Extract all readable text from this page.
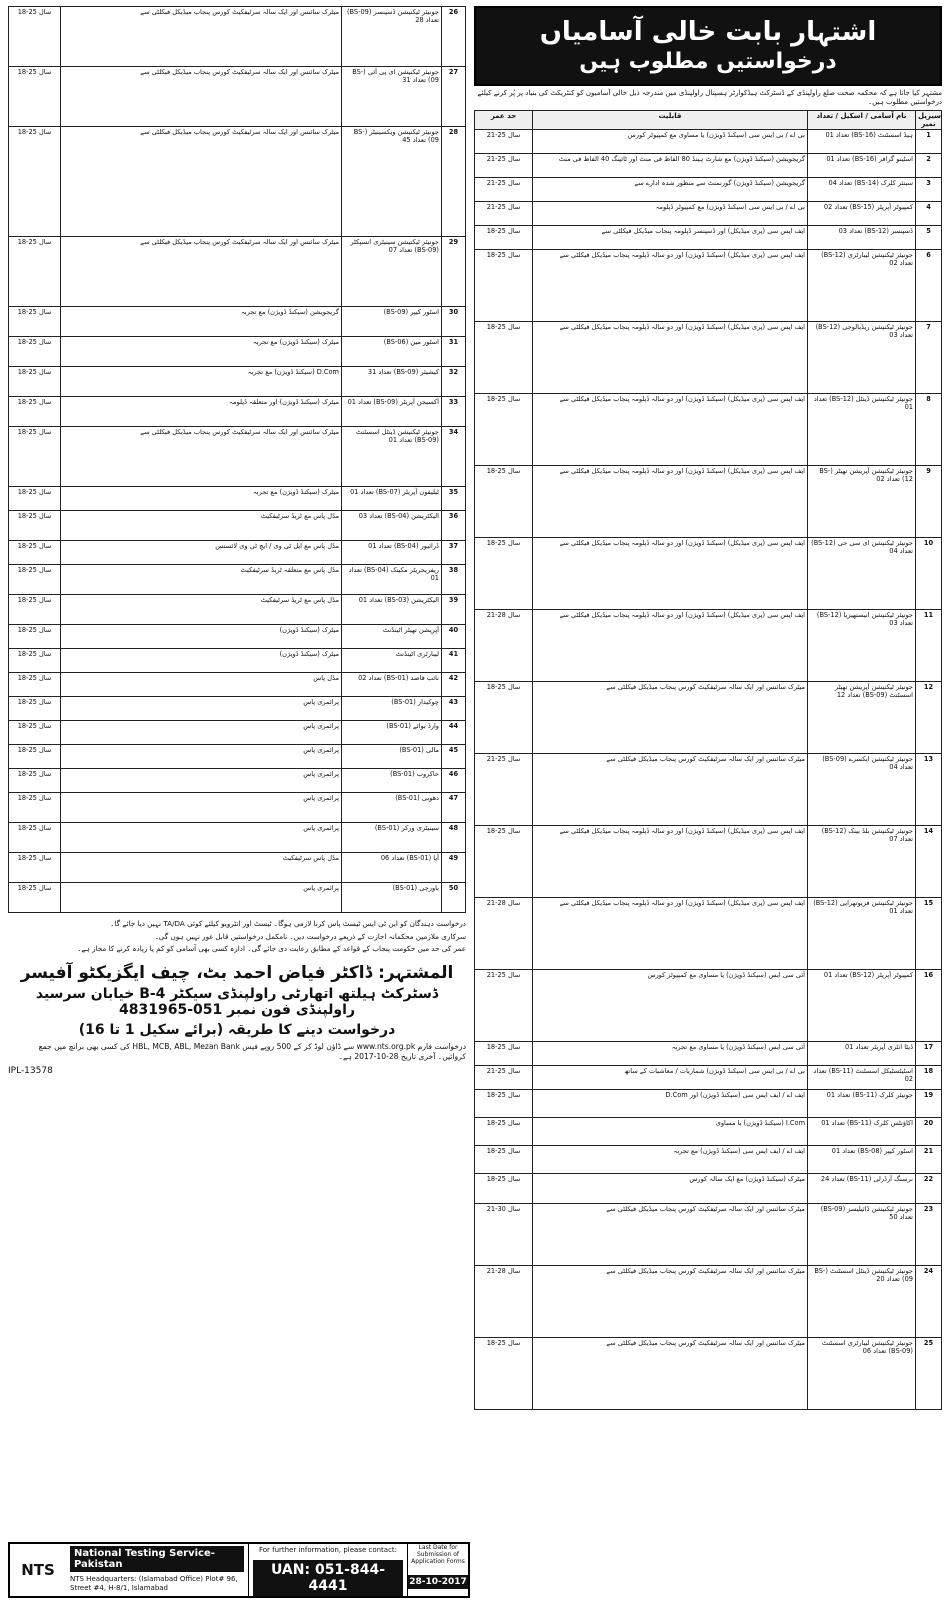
اشتہار بابت خالی آسامیاں
درخواستیں مطلوب ہیں
مشتہر کیا جاتا ہے کہ محکمہ صحت ضلع راولپنڈی کے ڈسٹرکٹ ہیڈکوارٹر ہسپتال راولپنڈی میں مندرجہ ذیل خالی آسامیوں کو کنٹریکٹ کی بنیاد پر پُر کرنے کیلئے درخواستیں مطلوب ہیں۔
حد عمر	قابلیت	نام آسامی / اسکیل / تعداد	سیریل نمبر
21-25 سال	بی اے / بی ایس سی (سیکنڈ ڈویژن) یا مساوی مع کمپیوٹر کورس	ہیڈ اسسٹنٹ (BS-16) تعداد 01	1
21-25 سال	گریجویشن (سیکنڈ ڈویژن) مع شارٹ ہینڈ 80 الفاظ فی منٹ اور ٹائپنگ 40 الفاظ فی منٹ	اسٹینو گرافر (BS-16) تعداد 01	2
21-25 سال	گریجویشن (سیکنڈ ڈویژن) گورنمنٹ سے منظور شدہ ادارے سے	سینئر کلرک (BS-14) تعداد 04	3
21-25 سال	بی اے / بی ایس سی (سیکنڈ ڈویژن) مع کمپیوٹر ڈپلومہ	کمپیوٹر آپریٹر (BS-15) تعداد 02	4
18-25 سال	ایف ایس سی (پری میڈیکل) اور ڈسپنسر ڈپلومہ پنجاب میڈیکل فیکلٹی سے	ڈسپنسر (BS-12) تعداد 03	5
18-25 سال	ایف ایس سی (پری میڈیکل) (سیکنڈ ڈویژن) اور دو سالہ ڈپلومہ پنجاب میڈیکل فیکلٹی سے	جونیئر ٹیکنیشن لیبارٹری (BS-12) تعداد 02	6
18-25 سال	ایف ایس سی (پری میڈیکل) (سیکنڈ ڈویژن) اور دو سالہ ڈپلومہ پنجاب میڈیکل فیکلٹی سے	جونیئر ٹیکنیشن ریڈیالوجی (BS-12) تعداد 03	7
18-25 سال	ایف ایس سی (پری میڈیکل) (سیکنڈ ڈویژن) اور دو سالہ ڈپلومہ پنجاب میڈیکل فیکلٹی سے	جونیئر ٹیکنیشن ڈینٹل (BS-12) تعداد 01	8
18-25 سال	ایف ایس سی (پری میڈیکل) (سیکنڈ ڈویژن) اور دو سالہ ڈپلومہ پنجاب میڈیکل فیکلٹی سے	جونیئر ٹیکنیشن آپریشن تھیٹر (BS-12) تعداد 02	9
18-25 سال	ایف ایس سی (پری میڈیکل) (سیکنڈ ڈویژن) اور دو سالہ ڈپلومہ پنجاب میڈیکل فیکلٹی سے	جونیئر ٹیکنیشن ای سی جی (BS-12) تعداد 04	10
21-28 سال	ایف ایس سی (پری میڈیکل) (سیکنڈ ڈویژن) اور دو سالہ ڈپلومہ پنجاب میڈیکل فیکلٹی سے	جونیئر ٹیکنیشن انیستھیزیا (BS-12) تعداد 03	11
18-25 سال	میٹرک سائنس اور ایک سالہ سرٹیفکیٹ کورس پنجاب میڈیکل فیکلٹی سے	جونیئر ٹیکنیشن آپریشن تھیٹر اسسٹنٹ (BS-09) تعداد 12	12
21-25 سال	میٹرک سائنس اور ایک سالہ سرٹیفکیٹ کورس پنجاب میڈیکل فیکلٹی سے	جونیئر ٹیکنیشن ایکسرے (BS-09) تعداد 04	13
18-25 سال	ایف ایس سی (پری میڈیکل) (سیکنڈ ڈویژن) اور دو سالہ ڈپلومہ پنجاب میڈیکل فیکلٹی سے	جونیئر ٹیکنیشن بلڈ بینک (BS-12) تعداد 07	14
21-28 سال	ایف ایس سی (پری میڈیکل) (سیکنڈ ڈویژن) اور دو سالہ ڈپلومہ پنجاب میڈیکل فیکلٹی سے	جونیئر ٹیکنیشن فزیوتھراپی (BS-12) تعداد 01	15
21-25 سال	آئی سی ایس (سیکنڈ ڈویژن) یا مساوی مع کمپیوٹر کورس	کمپیوٹر آپریٹر (BS-12) تعداد 01	16
18-25 سال	آئی سی ایس (سیکنڈ ڈویژن) یا مساوی مع تجربہ	ڈیٹا انٹری آپریٹر تعداد 01	17
21-25 سال	بی اے / بی ایس سی (سیکنڈ ڈویژن) شماریات / معاشیات کے ساتھ	اسٹیٹسٹیکل اسسٹنٹ (BS-11) تعداد 02	18
18-25 سال	ایف اے / ایف ایس سی (سیکنڈ ڈویژن) اور D.Com	جونیئر کلرک (BS-11) تعداد 01	19
18-25 سال	I.Com (سیکنڈ ڈویژن) یا مساوی	اکاؤنٹس کلرک (BS-11) تعداد 01	20
18-25 سال	ایف اے / ایف ایس سی (سیکنڈ ڈویژن) مع تجربہ	اسٹور کیپر (BS-08) تعداد 01	21
18-25 سال	میٹرک (سیکنڈ ڈویژن) مع ایک سالہ کورس	نرسنگ آرڈرلی (BS-11) تعداد 24	22
21-30 سال	میٹرک سائنس اور ایک سالہ سرٹیفکیٹ کورس پنجاب میڈیکل فیکلٹی سے	جونیئر ٹیکنیشن ڈائیلیسز (BS-09) تعداد 50	23
21-28 سال	میٹرک سائنس اور ایک سالہ سرٹیفکیٹ کورس پنجاب میڈیکل فیکلٹی سے	جونیئر ٹیکنیشن ڈینٹل اسسٹنٹ (BS-09) تعداد 20	24
18-25 سال	میٹرک سائنس اور ایک سالہ سرٹیفکیٹ کورس پنجاب میڈیکل فیکلٹی سے	جونیئر ٹیکنیشن لیبارٹری اسسٹنٹ (BS-09) تعداد 06	25
18-25 سال	میٹرک سائنس اور ایک سالہ سرٹیفکیٹ کورس پنجاب میڈیکل فیکلٹی سے	جونیئر ٹیکنیشن ڈسپنسر (BS-09) تعداد 28	26
18-25 سال	میٹرک سائنس اور ایک سالہ سرٹیفکیٹ کورس پنجاب میڈیکل فیکلٹی سے	جونیئر ٹیکنیشن ای پی آئی (BS-09) تعداد 31	27
18-25 سال	میٹرک سائنس اور ایک سالہ سرٹیفکیٹ کورس پنجاب میڈیکل فیکلٹی سے	جونیئر ٹیکنیشن ویکسینیٹر (BS-09) تعداد 45	28
18-25 سال	میٹرک سائنس اور ایک سالہ سرٹیفکیٹ کورس پنجاب میڈیکل فیکلٹی سے	جونیئر ٹیکنیشن سینیٹری انسپکٹر (BS-09) تعداد 07	29
18-25 سال	گریجویشن (سیکنڈ ڈویژن) مع تجربہ	اسٹور کیپر (BS-09)	30
18-25 سال	میٹرک (سیکنڈ ڈویژن) مع تجربہ	اسٹور مین (BS-06)	31
18-25 سال	D.Com (سیکنڈ ڈویژن) مع تجربہ	کیشیئر (BS-09) تعداد 31	32
18-25 سال	میٹرک (سیکنڈ ڈویژن) اور متعلقہ ڈپلومہ	آکسیجن آپریٹر (BS-09) تعداد 01	33
18-25 سال	میٹرک سائنس اور ایک سالہ سرٹیفکیٹ کورس پنجاب میڈیکل فیکلٹی سے	جونیئر ٹیکنیشن ڈینٹل اسسٹنٹ (BS-09) تعداد 01	34
18-25 سال	میٹرک (سیکنڈ ڈویژن) مع تجربہ	ٹیلیفون آپریٹر (BS-07) تعداد 01	35
18-25 سال	مڈل پاس مع ٹریڈ سرٹیفکیٹ	الیکٹریشن (BS-04) تعداد 03	36
18-25 سال	مڈل پاس مع ایل ٹی وی / ایچ ٹی وی لائسنس	ڈرائیور (BS-04) تعداد 01	37
18-25 سال	مڈل پاس مع متعلقہ ٹریڈ سرٹیفکیٹ	ریفریجریٹر مکینک (BS-04) تعداد 01	38
18-25 سال	مڈل پاس مع ٹریڈ سرٹیفکیٹ	الیکٹریشن (BS-03) تعداد 01	39
18-25 سال	میٹرک (سیکنڈ ڈویژن)	آپریشن تھیٹر اٹینڈنٹ	40
18-25 سال	میٹرک (سیکنڈ ڈویژن)	لیبارٹری اٹینڈنٹ	41
18-25 سال	مڈل پاس	نائب قاصد (BS-01) تعداد 02	42
18-25 سال	پرائمری پاس	چوکیدار (BS-01)	43
18-25 سال	پرائمری پاس	وارڈ بوائے (BS-01)	44
18-25 سال	پرائمری پاس	مالی (BS-01)	45
18-25 سال	پرائمری پاس	خاکروب (BS-01)	46
18-25 سال	پرائمری پاس	دھوبی (BS-01)	47
18-25 سال	پرائمری پاس	سینیٹری ورکر (BS-01)	48
18-25 سال	مڈل پاس سرٹیفکیٹ	آیا (BS-01) تعداد 06	49
18-25 سال	پرائمری پاس	باورچی (BS-01)	50

درخواست دہندگان کو این ٹی ایس ٹیسٹ پاس کرنا لازمی ہوگا۔ ٹیسٹ اور انٹرویو کیلئے کوئی TA/DA نہیں دیا جائے گا۔

سرکاری ملازمین محکمانہ اجازت کے ذریعے درخواست دیں۔ نامکمل درخواستیں قابل غور نہیں ہوں گی۔

عمر کی حد میں حکومت پنجاب کے قواعد کے مطابق رعایت دی جائے گی۔ ادارہ کسی بھی آسامی کو کم یا زیادہ کرنے کا مجاز ہے۔

المشتہر: ڈاکٹر فیاض احمد بٹ، چیف ایگزیکٹو آفیسر
ڈسٹرکٹ ہیلتھ اتھارٹی راولپنڈی سیکٹر B-4 خیابان سرسید راولپنڈی فون نمبر 051-4831965
درخواست دینے کا طریقہ (برائے سکیل 1 تا 16)
درخواست فارم www.nts.org.pk سے ڈاؤن لوڈ کر کے 500 روپے فیس HBL, MCB, ABL, Mezan Bank کی کسی بھی برانچ میں جمع کروائیں۔ آخری تاریخ 28-10-2017 ہے۔
IPL-13578
NTS
National Testing Service-Pakistan
NTS Headquarters: (Islamabad Office) Plot# 96, Street #4, H-8/1, Islamabad
For further information, please contact:
UAN: 051-844-4441
Last Date for Submission of Application Forms
28-10-2017
